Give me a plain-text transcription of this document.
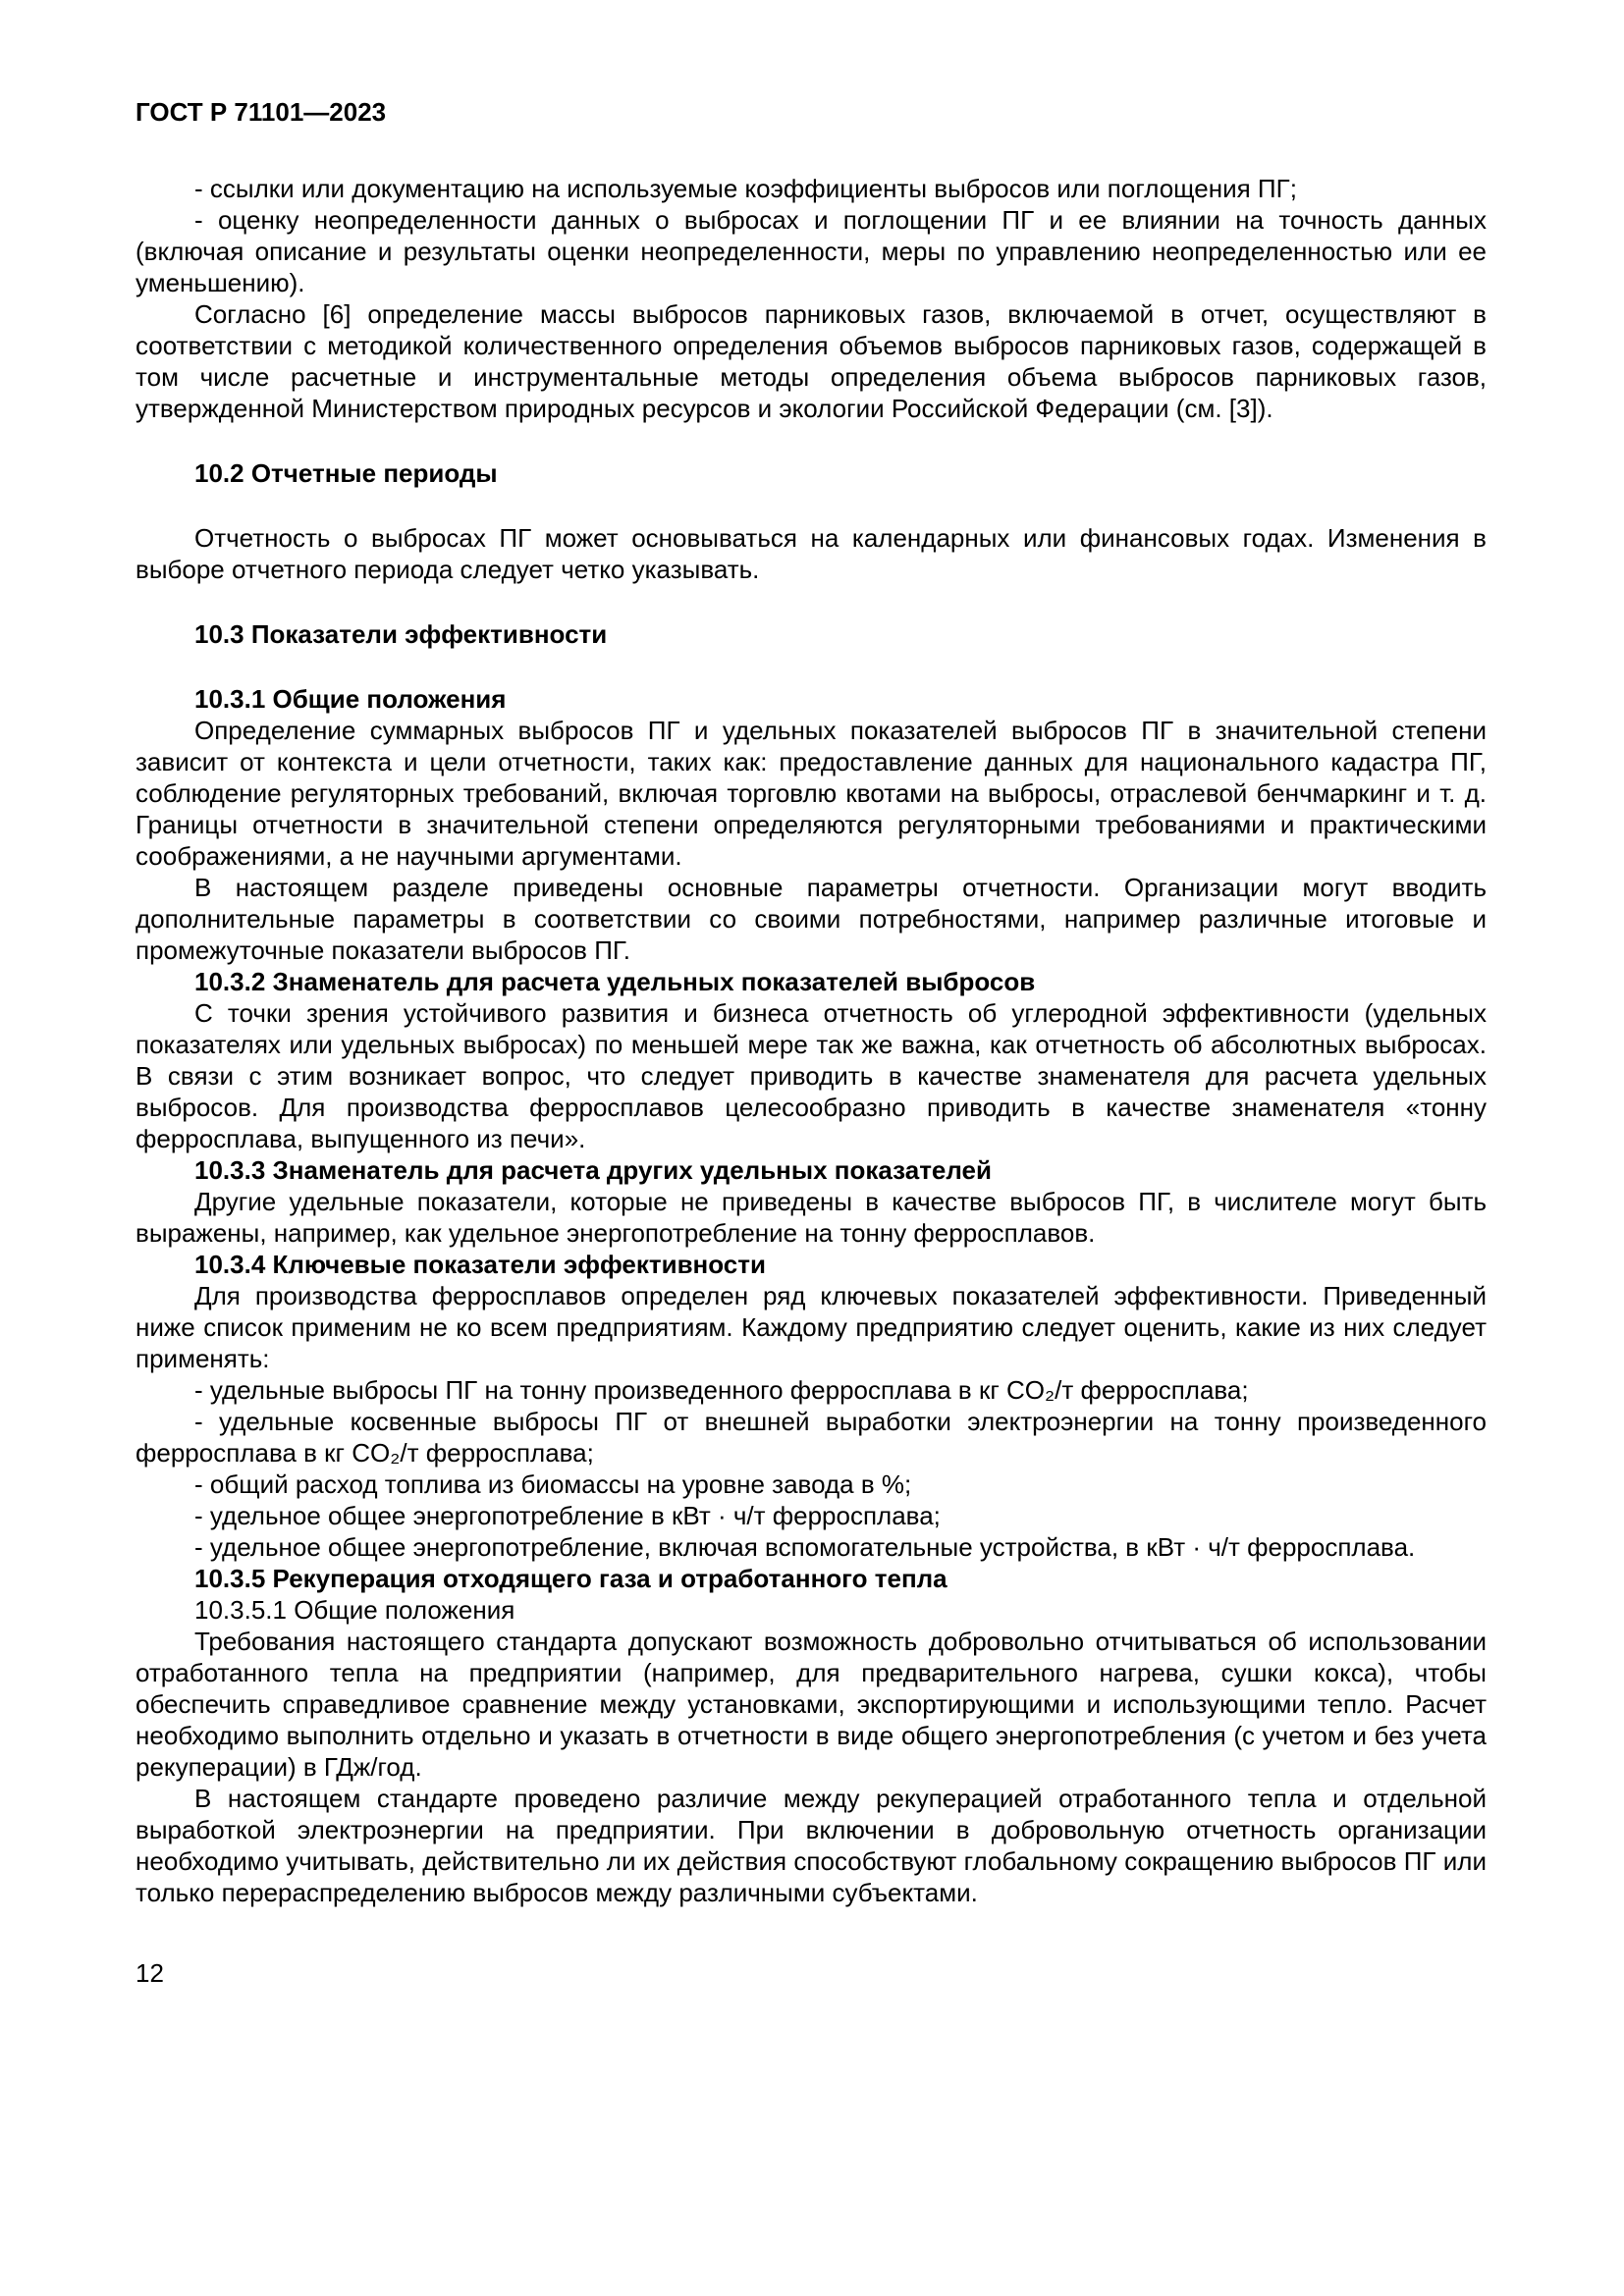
ГОСТ Р 71101—2023

- ссылки или документацию на используемые коэффициенты выбросов или поглощения ПГ;

- оценку неопределенности данных о выбросах и поглощении ПГ и ее влиянии на точность данных (включая описание и результаты оценки неопределенности, меры по управлению неопределенностью или ее уменьшению).

Согласно [6] определение массы выбросов парниковых газов, включаемой в отчет, осуществляют в соответствии с методикой количественного определения объемов выбросов парниковых газов, содержащей в том числе расчетные и инструментальные методы определения объема выбросов парниковых газов, утвержденной Министерством природных ресурсов и экологии Российской Федерации (см. [3]).

10.2 Отчетные периоды

Отчетность о выбросах ПГ может основываться на календарных или финансовых годах. Изменения в выборе отчетного периода следует четко указывать.

10.3 Показатели эффективности

10.3.1 Общие положения

Определение суммарных выбросов ПГ и удельных показателей выбросов ПГ в значительной степени зависит от контекста и цели отчетности, таких как: предоставление данных для национального кадастра ПГ, соблюдение регуляторных требований, включая торговлю квотами на выбросы, отраслевой бенчмаркинг и т. д. Границы отчетности в значительной степени определяются регуляторными требованиями и практическими соображениями, а не научными аргументами.

В настоящем разделе приведены основные параметры отчетности. Организации могут вводить дополнительные параметры в соответствии со своими потребностями, например различные итоговые и промежуточные показатели выбросов ПГ.

10.3.2 Знаменатель для расчета удельных показателей выбросов

С точки зрения устойчивого развития и бизнеса отчетность об углеродной эффективности (удельных показателях или удельных выбросах) по меньшей мере так же важна, как отчетность об абсолютных выбросах. В связи с этим возникает вопрос, что следует приводить в качестве знаменателя для расчета удельных выбросов. Для производства ферросплавов целесообразно приводить в качестве знаменателя «тонну ферросплава, выпущенного из печи».

10.3.3 Знаменатель для расчета других удельных показателей

Другие удельные показатели, которые не приведены в качестве выбросов ПГ, в числителе могут быть выражены, например, как удельное энергопотребление на тонну ферросплавов.

10.3.4 Ключевые показатели эффективности

Для производства ферросплавов определен ряд ключевых показателей эффективности. Приведенный ниже список применим не ко всем предприятиям. Каждому предприятию следует оценить, какие из них следует применять:

- удельные выбросы ПГ на тонну произведенного ферросплава в кг CO₂/т ферросплава;

- удельные косвенные выбросы ПГ от внешней выработки электроэнергии на тонну произведенного ферросплава в кг CO₂/т ферросплава;

- общий расход топлива из биомассы на уровне завода в %;

- удельное общее энергопотребление в кВт · ч/т ферросплава;

- удельное общее энергопотребление, включая вспомогательные устройства, в кВт · ч/т ферросплава.

10.3.5 Рекуперация отходящего газа и отработанного тепла

10.3.5.1 Общие положения

Требования настоящего стандарта допускают возможность добровольно отчитываться об использовании отработанного тепла на предприятии (например, для предварительного нагрева, сушки кокса), чтобы обеспечить справедливое сравнение между установками, экспортирующими и использующими тепло. Расчет необходимо выполнить отдельно и указать в отчетности в виде общего энергопотребления (с учетом и без учета рекуперации) в ГДж/год.

В настоящем стандарте проведено различие между рекуперацией отработанного тепла и отдельной выработкой электроэнергии на предприятии. При включении в добровольную отчетность организации необходимо учитывать, действительно ли их действия способствуют глобальному сокращению выбросов ПГ или только перераспределению выбросов между различными субъектами.

12
